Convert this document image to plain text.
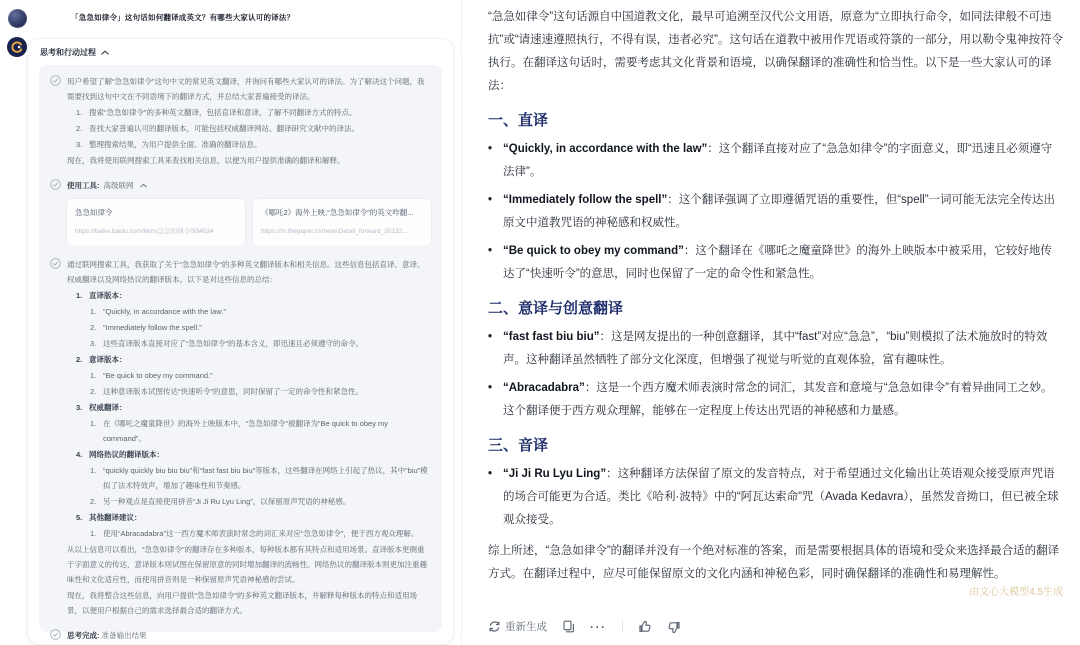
「急急如律令」这句话如何翻译成英文？有哪些大家认可的译法？
思考和行动过程
用户希望了解“急急如律令”这句中文的常见英文翻译，并询问有哪些大家认可的译法。为了解决这个问题，我需要找到这句中文在不同语境下的翻译方式，并总结大家普遍接受的译法。
1. 搜索“急急如律令”的多种英文翻译，包括直译和意译，了解不同翻译方式的特点。
2. 查找大家普遍认可的翻译版本，可能包括权威翻译网站、翻译研究文献中的译法。
3. 整理搜索结果，为用户提供全面、准确的翻译信息。
现在，我将使用联网搜索工具来查找相关信息，以便为用户提供准确的翻译和解释。
使用工具: 高级联网
急急如律令
https://baike.baidu.com/item/急急如律令/934534
《哪吒2》海外上映,“急急如律令”的英文咋翻...
https://m.thepaper.cn/newsDetail_forward_30132...
通过联网搜索工具，我获取了关于“急急如律令”的多种英文翻译版本和相关信息。这些信息包括直译、意译、权威翻译以及网络热议的翻译版本。以下是对这些信息的总结：
1. 直译版本：
1. “Quickly, in accordance with the law.”
2. “Immediately follow the spell.”
3. 这些直译版本直接对应了“急急如律令”的基本含义，即迅速且必须遵守的命令。
2. 意译版本：
1. “Be quick to obey my command.”
2. 这种意译版本试图传达“快速听令”的意思，同时保留了一定的命令性和紧急性。
3. 权威翻译：
1. 在《哪吒之魔童降世》的海外上映版本中，“急急如律令”被翻译为“Be quick to obey my command”。
4. 网络热议的翻译版本：
1. “quickly quickly biu biu biu”和“fast fast biu biu”等版本，这些翻译在网络上引起了热议，其中“biu”模拟了法术特效声，增加了趣味性和节奏感。
2. 另一种观点是直接使用拼音“Ji Ji Ru Lyu Ling”，以保留原声咒语的神秘感。
5. 其他翻译建议：
1. 使用“Abracadabra”这一西方魔术师表演时常念的词汇来对应“急急如律令”，便于西方观众理解。
从以上信息可以看出，“急急如律令”的翻译存在多种版本，每种版本都有其特点和适用场景。直译版本更侧重于字面意义的传达，意译版本则试图在保留原意的同时增加翻译的流畅性。网络热议的翻译版本则更加注重趣味性和文化适应性，而使用拼音则是一种保留原声咒语神秘感的尝试。
现在，我将整合这些信息，向用户提供“急急如律令”的多种英文翻译版本，并解释每种版本的特点和适用场景，以便用户根据自己的需求选择最合适的翻译方式。
思考完成: 准备输出结果

“急急如律令”这句话源自中国道教文化，最早可追溯至汉代公文用语，原意为“立即执行命令，如同法律般不可违抗”或“请速速遵照执行，不得有误，违者必究”。这句话在道教中被用作咒语或符箓的一部分，用以勒令鬼神按符令执行。在翻译这句话时，需要考虑其文化背景和语境，以确保翻译的准确性和恰当性。以下是一些大家认可的译法：

一、直译
• “Quickly, in accordance with the law”：这个翻译直接对应了“急急如律令”的字面意义，即“迅速且必须遵守法律”。
• “Immediately follow the spell”：这个翻译强调了立即遵循咒语的重要性，但“spell”一词可能无法完全传达出原文中道教咒语的神秘感和权威性。
• “Be quick to obey my command”：这个翻译在《哪吒之魔童降世》的海外上映版本中被采用，它较好地传达了“快速听令”的意思，同时也保留了一定的命令性和紧急性。
二、意译与创意翻译
• “fast fast biu biu”：这是网友提出的一种创意翻译，其中“fast”对应“急急”，“biu”则模拟了法术施放时的特效声。这种翻译虽然牺牲了部分文化深度，但增强了视觉与听觉的直观体验，富有趣味性。
• “Abracadabra”：这是一个西方魔术师表演时常念的词汇，其发音和意境与“急急如律令”有着异曲同工之妙。这个翻译便于西方观众理解，能够在一定程度上传达出咒语的神秘感和力量感。
三、音译
• “Ji Ji Ru Lyu Ling”：这种翻译方法保留了原文的发音特点，对于希望通过文化输出让英语观众接受原声咒语的场合可能更为合适。类比《哈利·波特》中的“阿瓦达索命”咒（Avada Kedavra），虽然发音拗口，但已被全球观众接受。

综上所述，“急急如律令”的翻译并没有一个绝对标准的答案，而是需要根据具体的语境和受众来选择最合适的翻译方式。在翻译过程中，应尽可能保留原文的文化内涵和神秘色彩，同时确保翻译的准确性和易理解性。

由文心大模型4.5生成
重新生成	···
